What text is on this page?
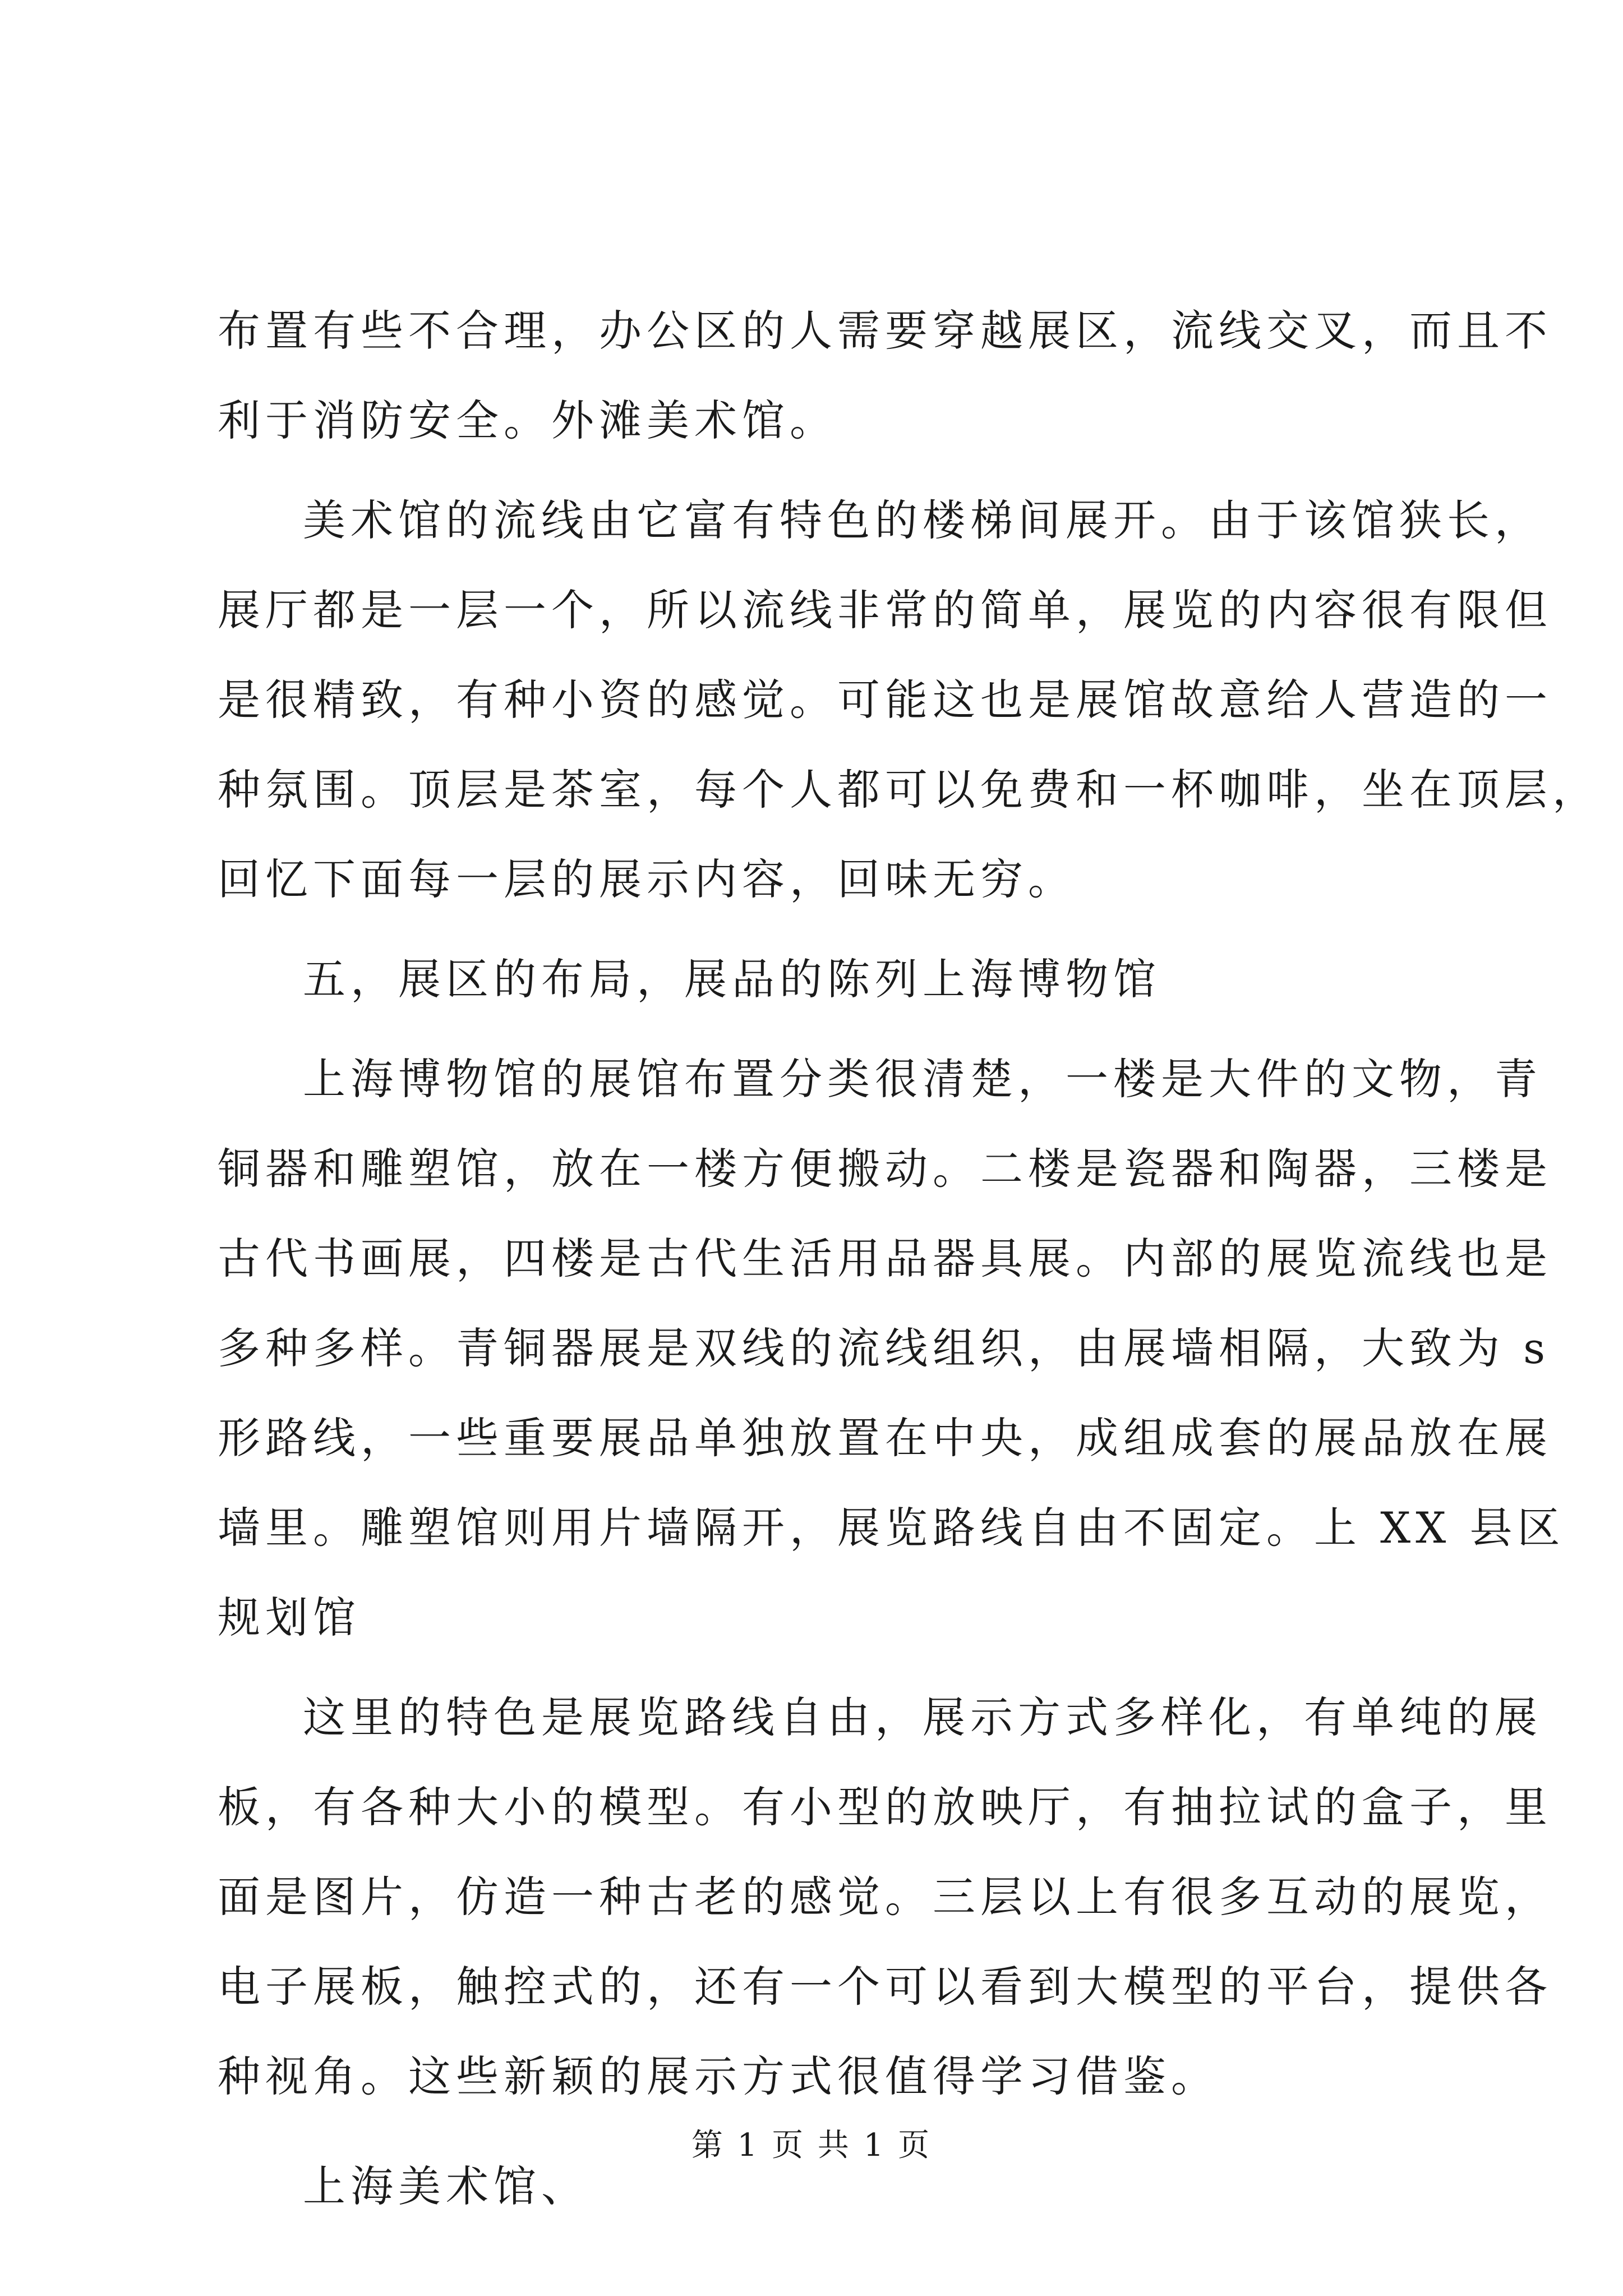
布置有些不合理，办公区的人需要穿越展区，流线交叉，而且不
利于消防安全。外滩美术馆。

美术馆的流线由它富有特色的楼梯间展开。由于该馆狭长，
展厅都是一层一个，所以流线非常的简单，展览的内容很有限但
是很精致，有种小资的感觉。可能这也是展馆故意给人营造的一
种氛围。顶层是茶室，每个人都可以免费和一杯咖啡，坐在顶层，
回忆下面每一层的展示内容，回味无穷。

五，展区的布局，展品的陈列上海博物馆

上海博物馆的展馆布置分类很清楚，一楼是大件的文物，青
铜器和雕塑馆，放在一楼方便搬动。二楼是瓷器和陶器，三楼是
古代书画展，四楼是古代生活用品器具展。内部的展览流线也是
多种多样。青铜器展是双线的流线组织，由展墙相隔，大致为 s
形路线，一些重要展品单独放置在中央，成组成套的展品放在展
墙里。雕塑馆则用片墙隔开，展览路线自由不固定。上 XX 县区
规划馆

这里的特色是展览路线自由，展示方式多样化，有单纯的展
板，有各种大小的模型。有小型的放映厅，有抽拉试的盒子，里
面是图片，仿造一种古老的感觉。三层以上有很多互动的展览，
电子展板，触控式的，还有一个可以看到大模型的平台，提供各
种视角。这些新颖的展示方式很值得学习借鉴。

上海美术馆、

第 1 页 共 1 页
